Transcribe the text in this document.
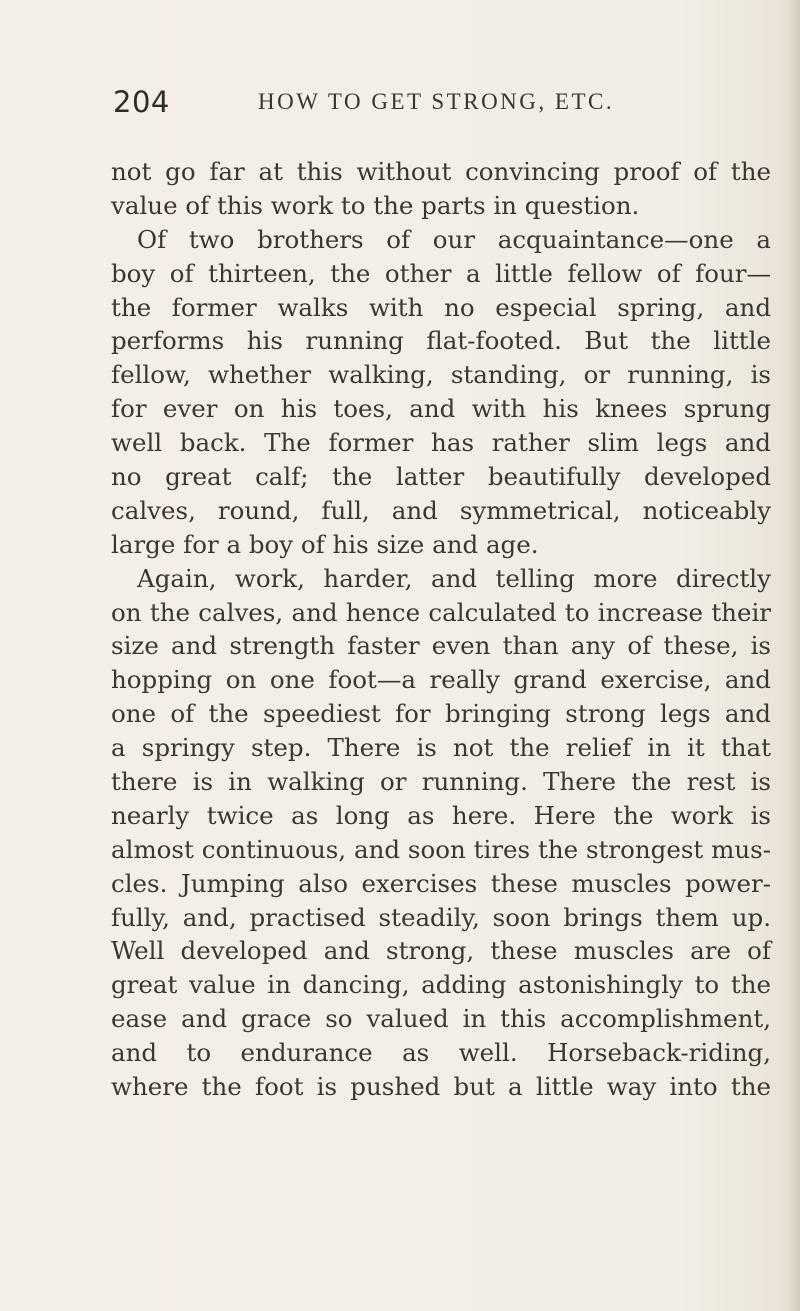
204	HOW TO GET STRONG, ETC.
not go far at this without convincing proof of the
value of this work to the parts in question.
Of two brothers of our acquaintance—one a
boy of thirteen, the other a little fellow of four—
the former walks with no especial spring, and
performs his running flat-footed. But the little
fellow, whether walking, standing, or running, is
for ever on his toes, and with his knees sprung
well back. The former has rather slim legs and
no great calf; the latter beautifully developed
calves, round, full, and symmetrical, noticeably
large for a boy of his size and age.
Again, work, harder, and telling more directly
on the calves, and hence calculated to increase their
size and strength faster even than any of these, is
hopping on one foot—a really grand exercise, and
one of the speediest for bringing strong legs and
a springy step. There is not the relief in it that
there is in walking or running. There the rest is
nearly twice as long as here. Here the work is
almost continuous, and soon tires the strongest mus-
cles. Jumping also exercises these muscles power-
fully, and, practised steadily, soon brings them up.
Well developed and strong, these muscles are of
great value in dancing, adding astonishingly to the
ease and grace so valued in this accomplishment,
and to endurance as well. Horseback-riding,
where the foot is pushed but a little way into the
